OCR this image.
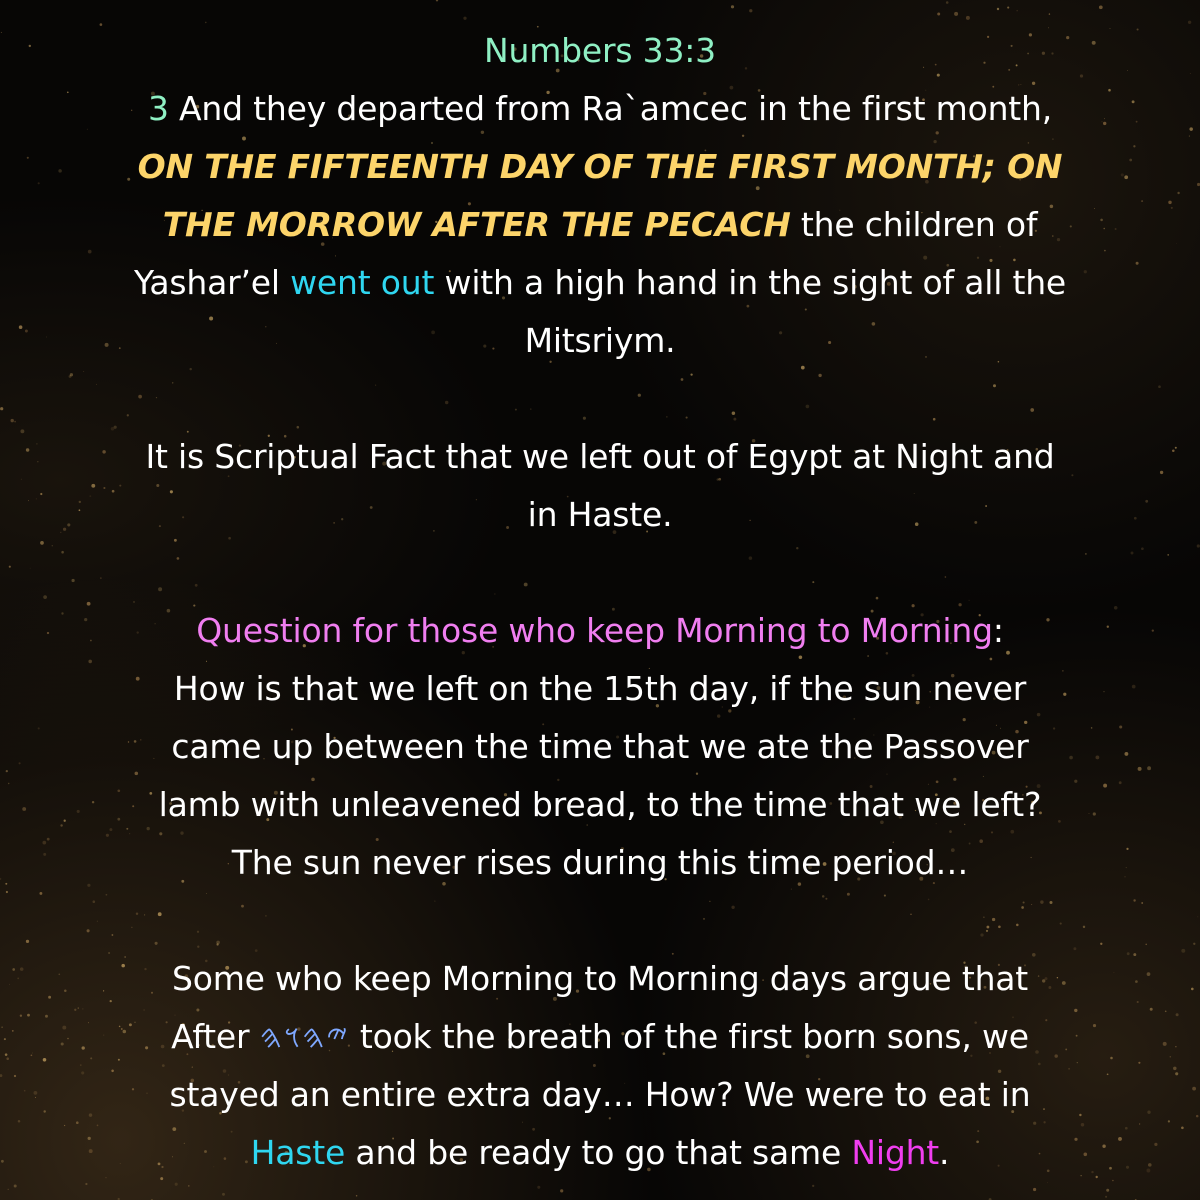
Numbers 33:3
3 And they departed from Ra`amcec in the first month,
ON THE FIFTEENTH DAY OF THE FIRST MONTH; ON
THE MORROW AFTER THE PECACH the children of
Yashar’el went out with a high hand in the sight of all the
Mitsriym.
It is Scriptual Fact that we left out of Egypt at Night and
in Haste.
Question for those who keep Morning to Morning:
How is that we left on the 15th day, if the sun never
came up between the time that we ate the Passover
lamb with unleavened bread, to the time that we left?
The sun never rises during this time period…
Some who keep Morning to Morning days argue that
After 𐤉𐤄𐤅𐤄 took the breath of the first born sons, we
stayed an entire extra day… How? We were to eat in
Haste and be ready to go that same Night.
